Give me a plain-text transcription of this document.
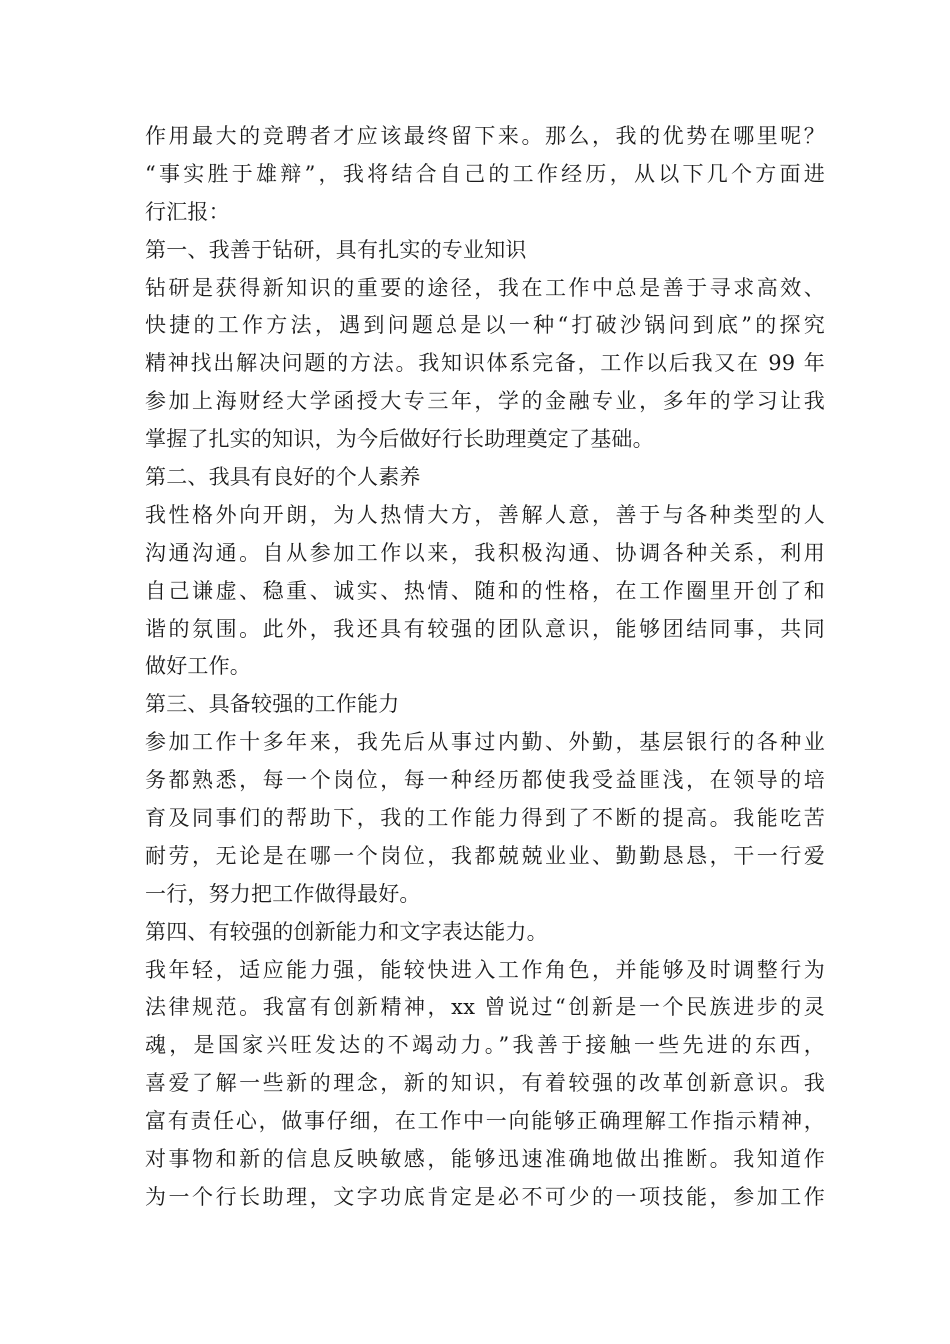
作用最大的竞聘者才应该最终留下来。那么，我的优势在哪里呢？
“事实胜于雄辩”，我将结合自己的工作经历，从以下几个方面进
行汇报：
第一、我善于钻研，具有扎实的专业知识
钻研是获得新知识的重要的途径，我在工作中总是善于寻求高效、
快捷的工作方法，遇到问题总是以一种“打破沙锅问到底”的探究
精神找出解决问题的方法。我知识体系完备，工作以后我又在 99 年
参加上海财经大学函授大专三年，学的金融专业，多年的学习让我
掌握了扎实的知识，为今后做好行长助理奠定了基础。
第二、我具有良好的个人素养
我性格外向开朗，为人热情大方，善解人意，善于与各种类型的人
沟通沟通。自从参加工作以来，我积极沟通、协调各种关系，利用
自己谦虚、稳重、诚实、热情、随和的性格，在工作圈里开创了和
谐的氛围。此外，我还具有较强的团队意识，能够团结同事，共同
做好工作。
第三、具备较强的工作能力
参加工作十多年来，我先后从事过内勤、外勤，基层银行的各种业
务都熟悉，每一个岗位，每一种经历都使我受益匪浅，在领导的培
育及同事们的帮助下，我的工作能力得到了不断的提高。我能吃苦
耐劳，无论是在哪一个岗位，我都兢兢业业、勤勤恳恳，干一行爱
一行，努力把工作做得最好。
第四、有较强的创新能力和文字表达能力。
我年轻，适应能力强，能较快进入工作角色，并能够及时调整行为
法律规范。我富有创新精神，xx 曾说过“创新是一个民族进步的灵
魂，是国家兴旺发达的不竭动力。”我善于接触一些先进的东西，
喜爱了解一些新的理念，新的知识，有着较强的改革创新意识。我
富有责任心，做事仔细，在工作中一向能够正确理解工作指示精神，
对事物和新的信息反映敏感，能够迅速准确地做出推断。我知道作
为一个行长助理，文字功底肯定是必不可少的一项技能，参加工作
